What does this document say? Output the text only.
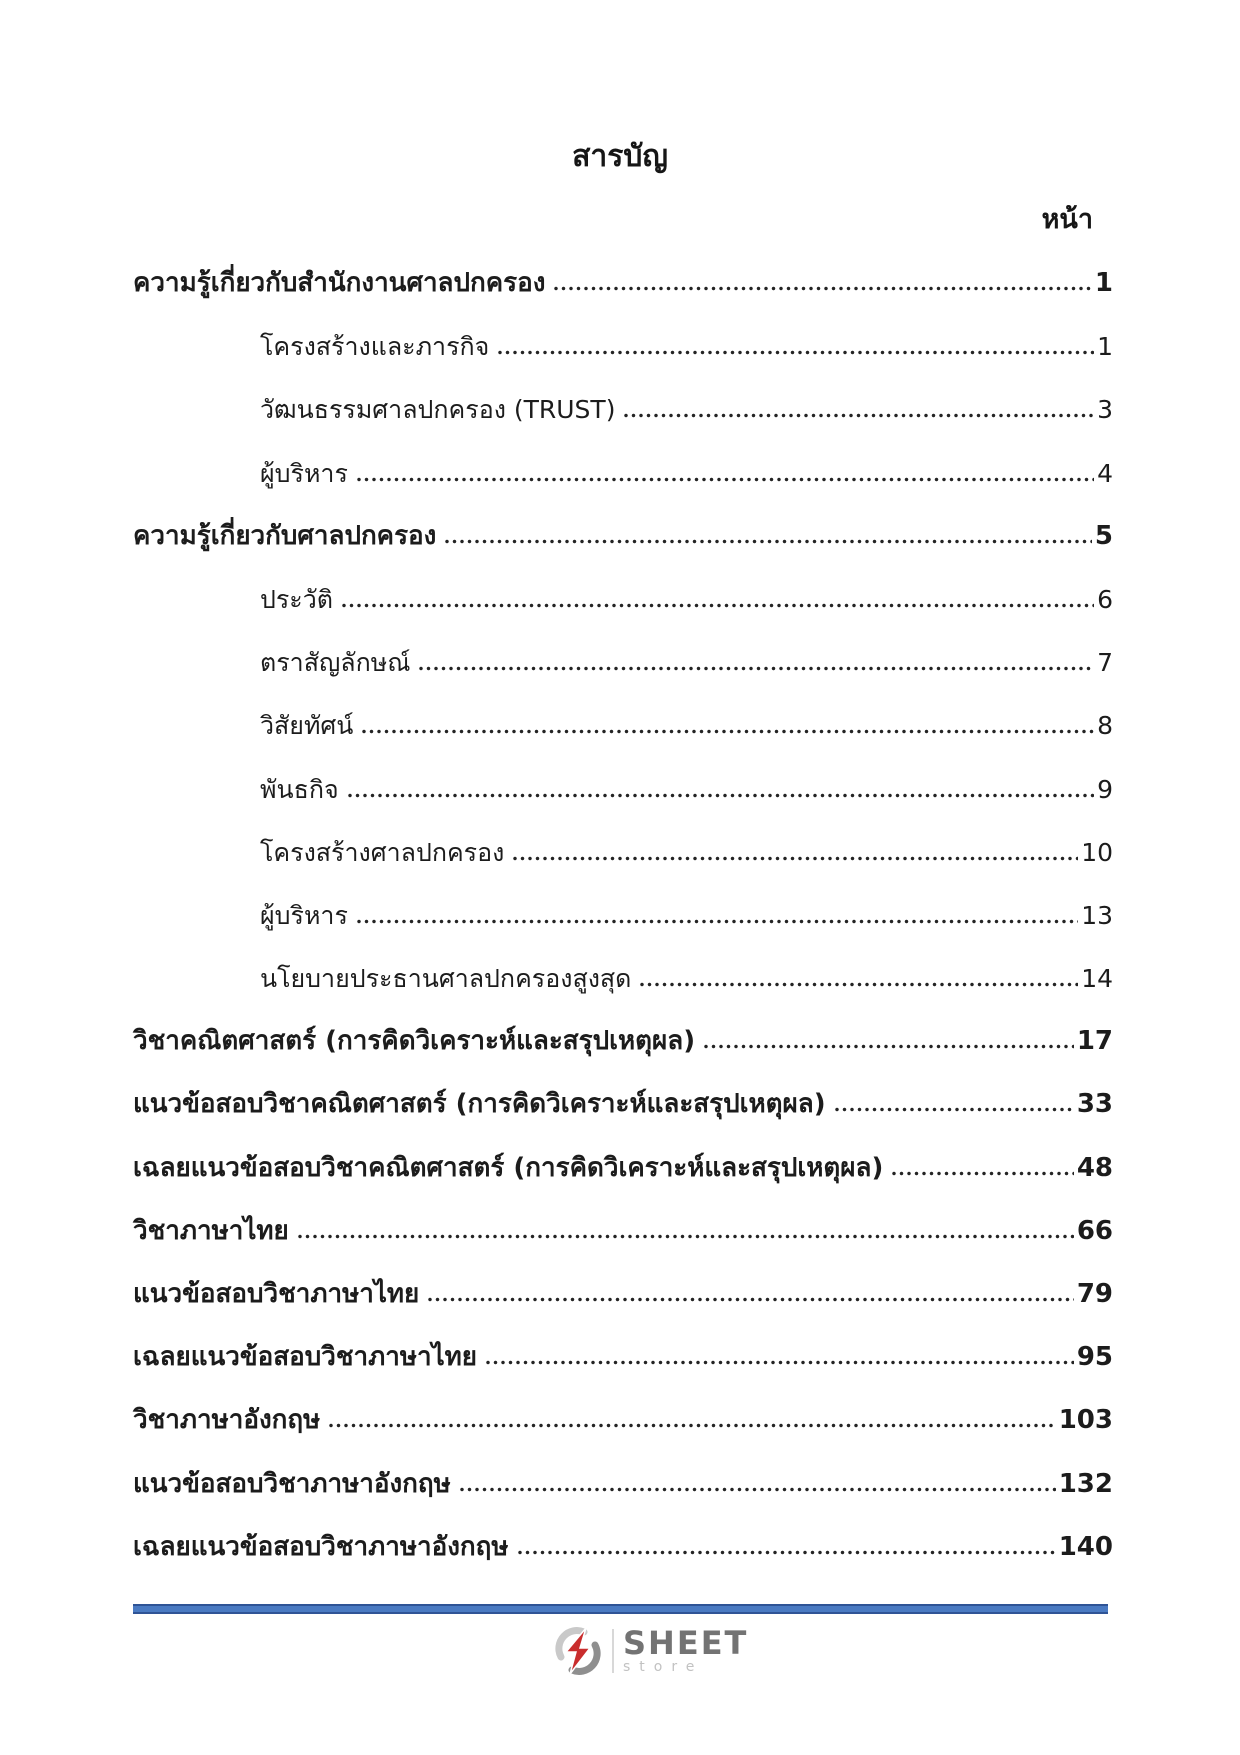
สารบัญ
หน้า
ความรู้เกี่ยวกับสำนักงานศาลปกครอง	1
โครงสร้างและภารกิจ	1
วัฒนธรรมศาลปกครอง (TRUST)	3
ผู้บริหาร	4
ความรู้เกี่ยวกับศาลปกครอง	5
ประวัติ	6
ตราสัญลักษณ์	7
วิสัยทัศน์	8
พันธกิจ	9
โครงสร้างศาลปกครอง	10
ผู้บริหาร	13
นโยบายประธานศาลปกครองสูงสุด	14
วิชาคณิตศาสตร์ (การคิดวิเคราะห์และสรุปเหตุผล)	17
แนวข้อสอบวิชาคณิตศาสตร์ (การคิดวิเคราะห์และสรุปเหตุผล)	33
เฉลยแนวข้อสอบวิชาคณิตศาสตร์ (การคิดวิเคราะห์และสรุปเหตุผล)	48
วิชาภาษาไทย	66
แนวข้อสอบวิชาภาษาไทย	79
เฉลยแนวข้อสอบวิชาภาษาไทย	95
วิชาภาษาอังกฤษ	103
แนวข้อสอบวิชาภาษาอังกฤษ	132
เฉลยแนวข้อสอบวิชาภาษาอังกฤษ	140
SHEET
store
